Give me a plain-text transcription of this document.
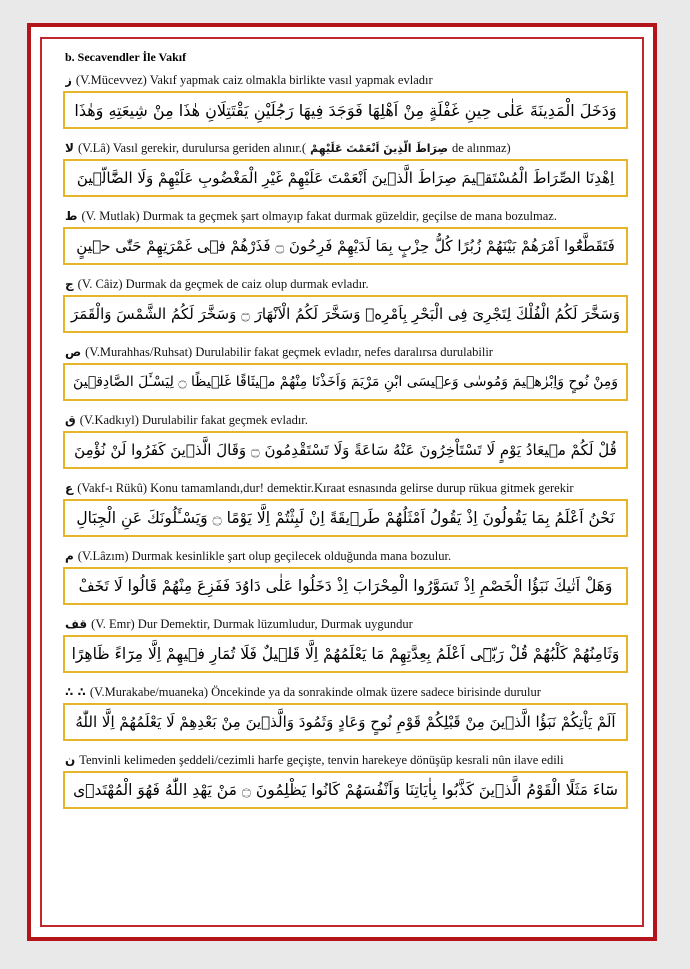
b. Secavendler İle Vakıf
ز (V.Mücevvez) Vakıf yapmak caiz olmakla birlikte vasıl yapmak evladır
وَدَخَلَ الْمَدِينَةَ عَلٰى حِينِ غَفْلَةٍ مِنْ اَهْلِهَا فَوَجَدَ فِيهَا رَجُلَيْنِ يَقْتَتِلَانِ هٰذَا مِنْ شِيعَتِهِ وَهٰذَا
لا (V.Lâ) Vasıl gerekir, durulursa geriden alınır.( صِرَاطَ الَّذِينَ اَنْعَمْتَ عَلَيْهِمْ de alınmaz)
اِهْدِنَا الصِّرَاطَ الْمُسْتَقٖيمَ صِرَاطَ الَّذٖينَ اَنْعَمْتَ عَلَيْهِمْ غَيْرِ الْمَغْضُوبِ عَلَيْهِمْ وَلَا الضَّٓالّٖينَ
ط (V. Mutlak) Durmak ta geçmek şart olmayıp fakat durmak güzeldir, geçilse de mana bozulmaz.
فَتَقَطَّعُٓوا اَمْرَهُمْ بَيْنَهُمْ زُبُرًا كُلُّ حِزْبٍ بِمَا لَدَيْهِمْ فَرِحُونَ ۝ فَذَرْهُمْ فٖى غَمْرَتِهِمْ حَتّٰى حٖينٍ
ج (V. Câiz) Durmak da geçmek de caiz olup durmak evladır.
وَسَخَّرَ لَكُمُ الْفُلْكَ لِتَجْرِىَ فِى الْبَحْرِ بِاَمْرِهٖ وَسَخَّرَ لَكُمُ الْاَنْهَارَ ۝ وَسَخَّرَ لَكُمُ الشَّمْسَ وَالْقَمَرَ
ص (V.Murahhas/Ruhsat) Durulabilir fakat geçmek evladır, nefes daralırsa durulabilir
وَمِنْ نُوحٍ وَاِبْرٰهٖيمَ وَمُوسٰى وَعٖيسَى ابْنِ مَرْيَمَ وَاَخَذْنَا مِنْهُمْ مٖيثَاقًا غَلٖيظًا ۝ لِيَسْـَٔلَ الصَّادِقٖينَ
ق (V.Kadkıyl) Durulabilir fakat geçmek evladır.
قُلْ لَكُمْ مٖيعَادُ يَوْمٍ لَا تَسْتَاْخِرُونَ عَنْهُ سَاعَةً وَلَا تَسْتَقْدِمُونَ ۝ وَقَالَ الَّذٖينَ كَفَرُوا لَنْ نُؤْمِنَ
ع (Vakf-ı Rükû) Konu tamamlandı,dur! demektir.Kıraat esnasında gelirse durup rükua gitmek gerekir
نَحْنُ اَعْلَمُ بِمَا يَقُولُونَ اِذْ يَقُولُ اَمْثَلُهُمْ طَرٖيقَةً اِنْ لَبِثْتُمْ اِلَّا يَوْمًا ۝ وَيَسْـَٔلُونَكَ عَنِ الْجِبَالِ
م (V.Lâzım) Durmak kesinlikle şart olup geçilecek olduğunda mana bozulur.
وَهَلْ اَتٰيكَ نَبَؤُا الْخَصْمِ اِذْ تَسَوَّرُوا الْمِحْرَابَ اِذْ دَخَلُوا عَلٰى دَاوُدَ فَفَزِعَ مِنْهُمْ قَالُوا لَا تَخَفْ
قف (V. Emr) Dur Demektir, Durmak lüzumludur, Durmak uygundur
وَثَامِنُهُمْ كَلْبُهُمْ قُلْ رَبّٖٓى اَعْلَمُ بِعِدَّتِهِمْ مَا يَعْلَمُهُمْ اِلَّا قَلٖيلٌ فَلَا تُمَارِ فٖيهِمْ اِلَّا مِرَٓاءً ظَاهِرًا
∴ ∴ (V.Murakabe/muaneka) Öncekinde ya da sonrakinde olmak üzere sadece birisinde durulur
اَلَمْ يَاْتِكُمْ نَبَؤُا الَّذٖينَ مِنْ قَبْلِكُمْ قَوْمِ نُوحٍ وَعَادٍ وَثَمُودَ وَالَّذٖينَ مِنْ بَعْدِهِمْ لَا يَعْلَمُهُمْ اِلَّا اللّٰهُ
ن Tenvinli kelimeden şeddeli/cezimli harfe geçişte, tenvin harekeye dönüşüp kesrali nûn ilave edili
سَٓاءَ مَثَلًا الْقَوْمُ الَّذٖينَ كَذَّبُوا بِاٰيَاتِنَا وَاَنْفُسَهُمْ كَانُوا يَظْلِمُونَ ۝ مَنْ يَهْدِ اللّٰهُ فَهُوَ الْمُهْتَدٖى
